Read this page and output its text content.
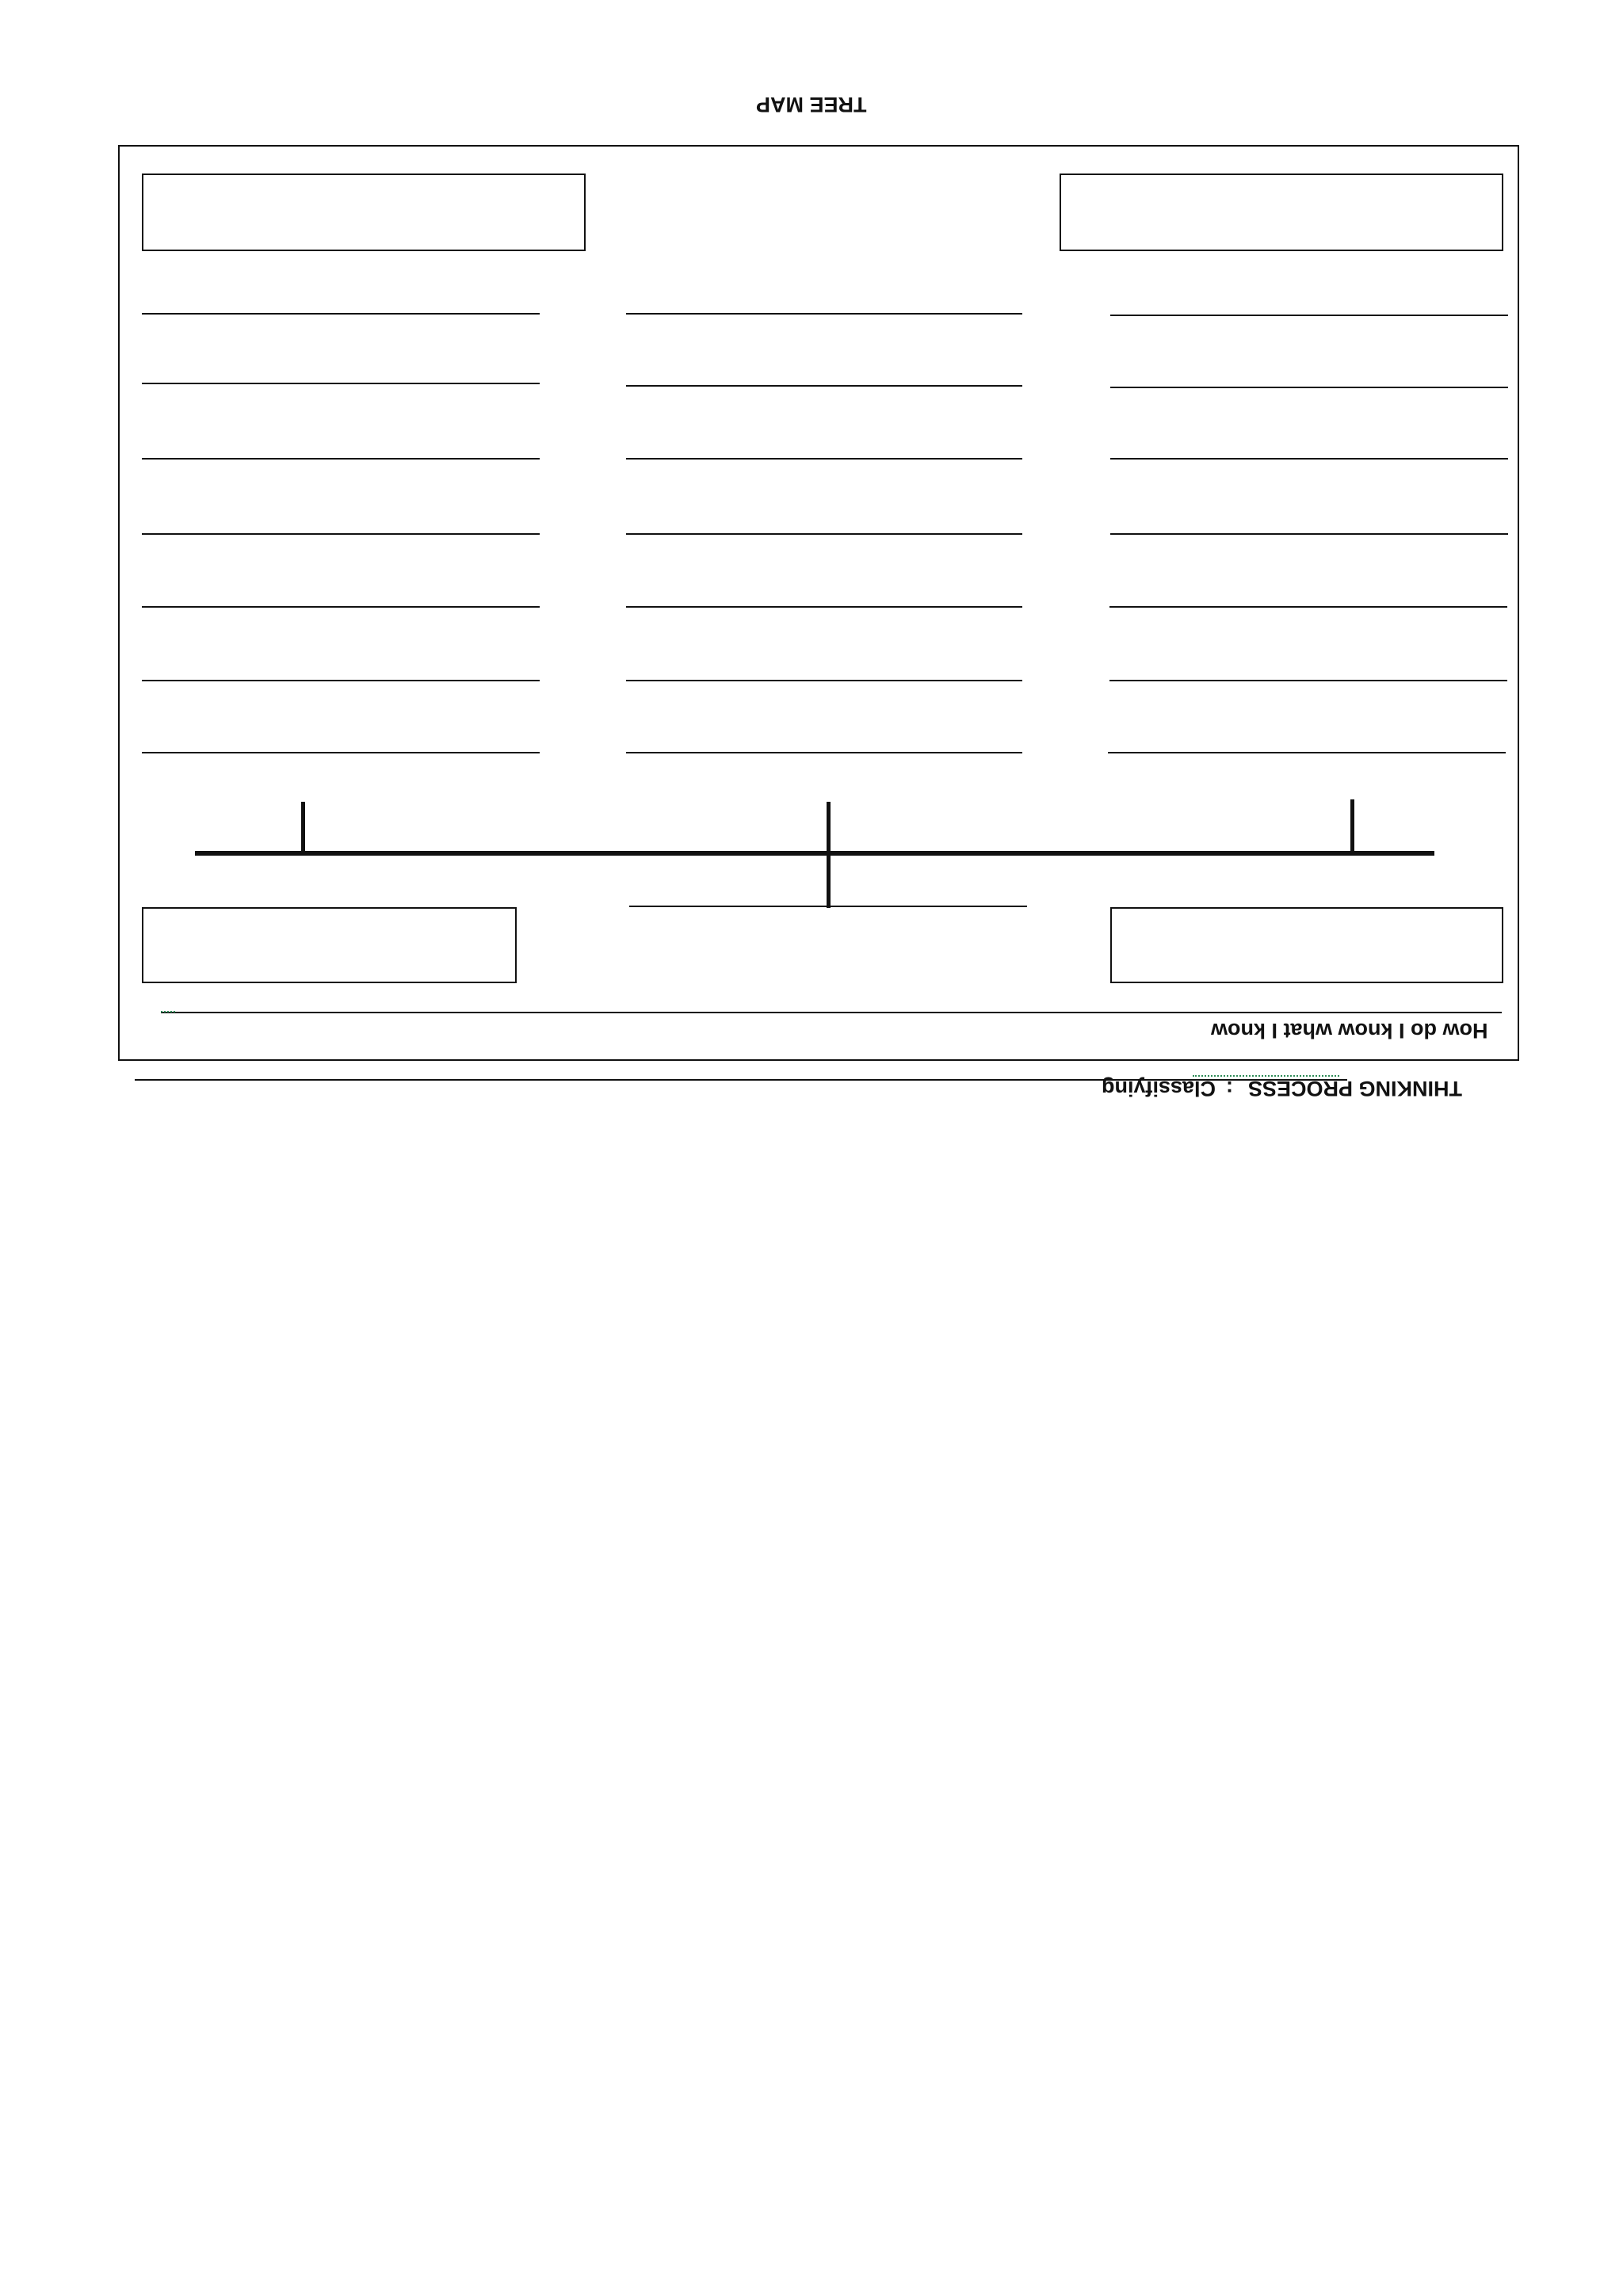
TREE MAP
How do I know what I know
Classifying : THINKING PROCESS
